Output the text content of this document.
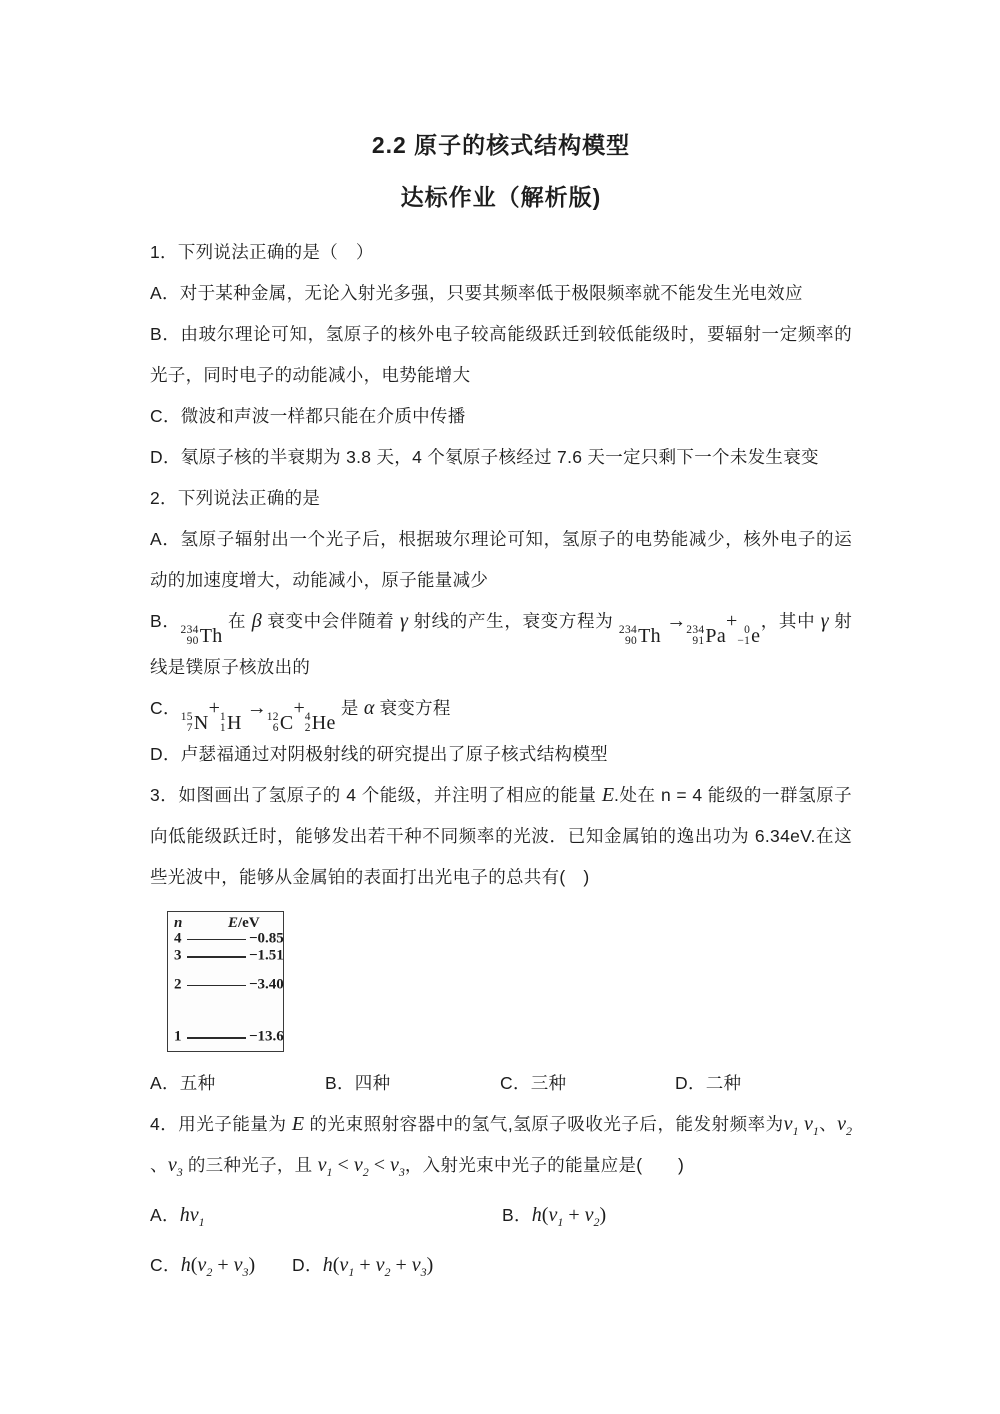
2.2 原子的核式结构模型
达标作业（解析版)

1．下列说法正确的是（　）

A．对于某种金属，无论入射光多强，只要其频率低于极限频率就不能发生光电效应

B．由玻尔理论可知，氢原子的核外电子较高能级跃迁到较低能级时，要辐射一定频率的光子，同时电子的动能减小，电势能增大

C．微波和声波一样都只能在介质中传播

D．氡原子核的半衰期为 3.8 天，4 个氡原子核经过 7.6 天一定只剩下一个未发生衰变

2．下列说法正确的是

A．氢原子辐射出一个光子后，根据玻尔理论可知，氢原子的电势能减少，核外电子的运动的加速度增大，动能减小，原子能量减少

B． 234
90 Th
在 β 衰变中会伴随着 γ 射线的产生，衰变方程为 234
90 Th
→ 234
91 Pa
+ 0
−1 e
，其中 γ 射线是镤原子核放出的

C． 15
7 N
+ 1
1 H
→ 12
6 C
+ 4
2 He
是 α 衰变方程

D．卢瑟福通过对阴极射线的研究提出了原子核式结构模型

3．如图画出了氢原子的 4 个能级，并注明了相应的能量 E.处在 n = 4 能级的一群氢原子向低能级跃迁时，能够发出若干种不同频率的光波．已知金属铂的逸出功为 6.34eV.在这些光波中，能够从金属铂的表面打出光电子的总共有(　)

n	E/eV
4	−0.85
3	−1.51
2	−3.40
1	−13.6
A．五种	B．四种	C．三种	D．二种

4．用光子能量为 E 的光束照射容器中的氢气,氢原子吸收光子后，能发射频率为ν1 ν1、ν2、ν3 的三种光子，且 ν1 < ν2 < ν3，入射光束中光子的能量应是(　　)

A．hν1	B．h(ν1 + ν2)
C．h(ν2 + ν3)	D．h(ν1 + ν2 + ν3)
